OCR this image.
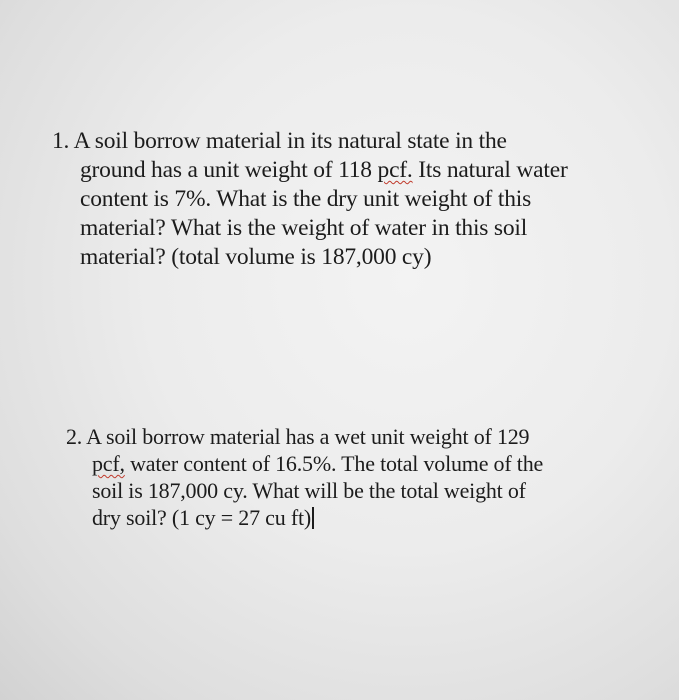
1. A soil borrow material in its natural state in the
ground has a unit weight of 118 pcf. Its natural water
content is 7%. What is the dry unit weight of this
material? What is the weight of water in this soil
material? (total volume is 187,000 cy)
2. A soil borrow material has a wet unit weight of 129
pcf, water content of 16.5%. The total volume of the
soil is 187,000 cy. What will be the total weight of
dry soil? (1 cy = 27 cu ft)
